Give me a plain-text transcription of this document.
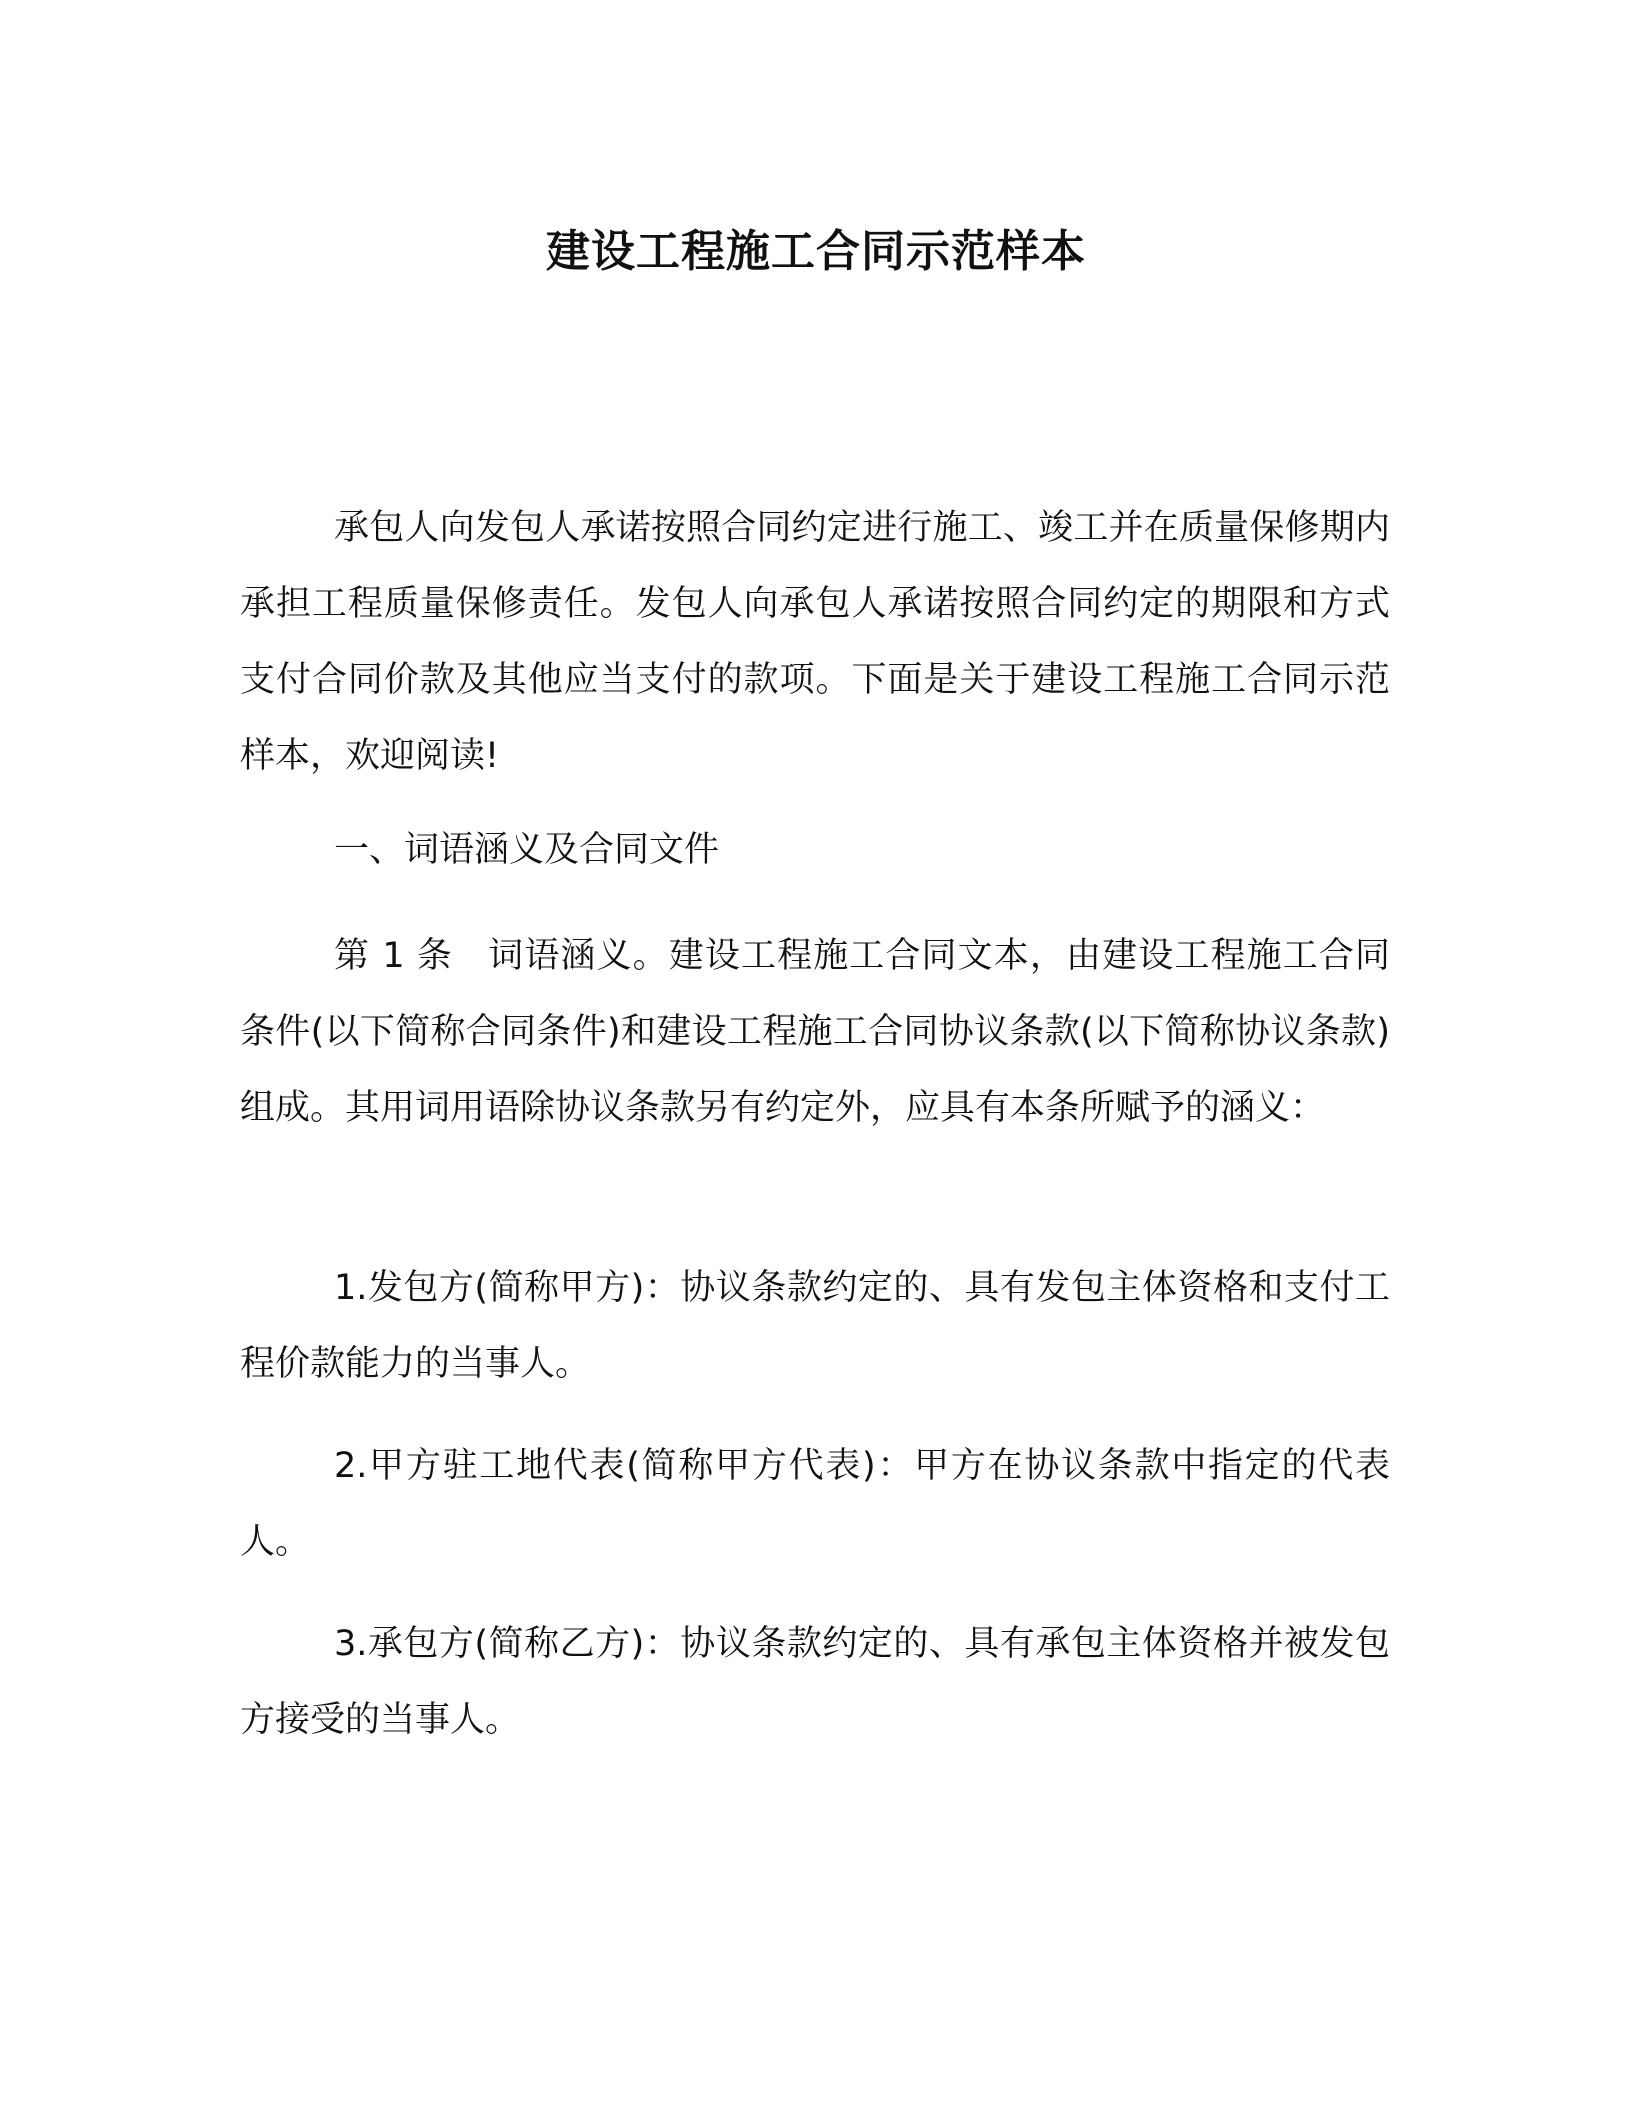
建设工程施工合同示范样本

承包人向发包人承诺按照合同约定进行施工、竣工并在质量保修期内承担工程质量保修责任。发包人向承包人承诺按照合同约定的期限和方式支付合同价款及其他应当支付的款项。下面是关于建设工程施工合同示范样本，欢迎阅读!

一、词语涵义及合同文件

第 1 条 词语涵义。建设工程施工合同文本，由建设工程施工合同条件(以下简称合同条件)和建设工程施工合同协议条款(以下简称协议条款)组成。其用词用语除协议条款另有约定外，应具有本条所赋予的涵义：

1.发包方(简称甲方)：协议条款约定的、具有发包主体资格和支付工程价款能力的当事人。

2.甲方驻工地代表(简称甲方代表)：甲方在协议条款中指定的代表人。

3.承包方(简称乙方)：协议条款约定的、具有承包主体资格并被发包方接受的当事人。
